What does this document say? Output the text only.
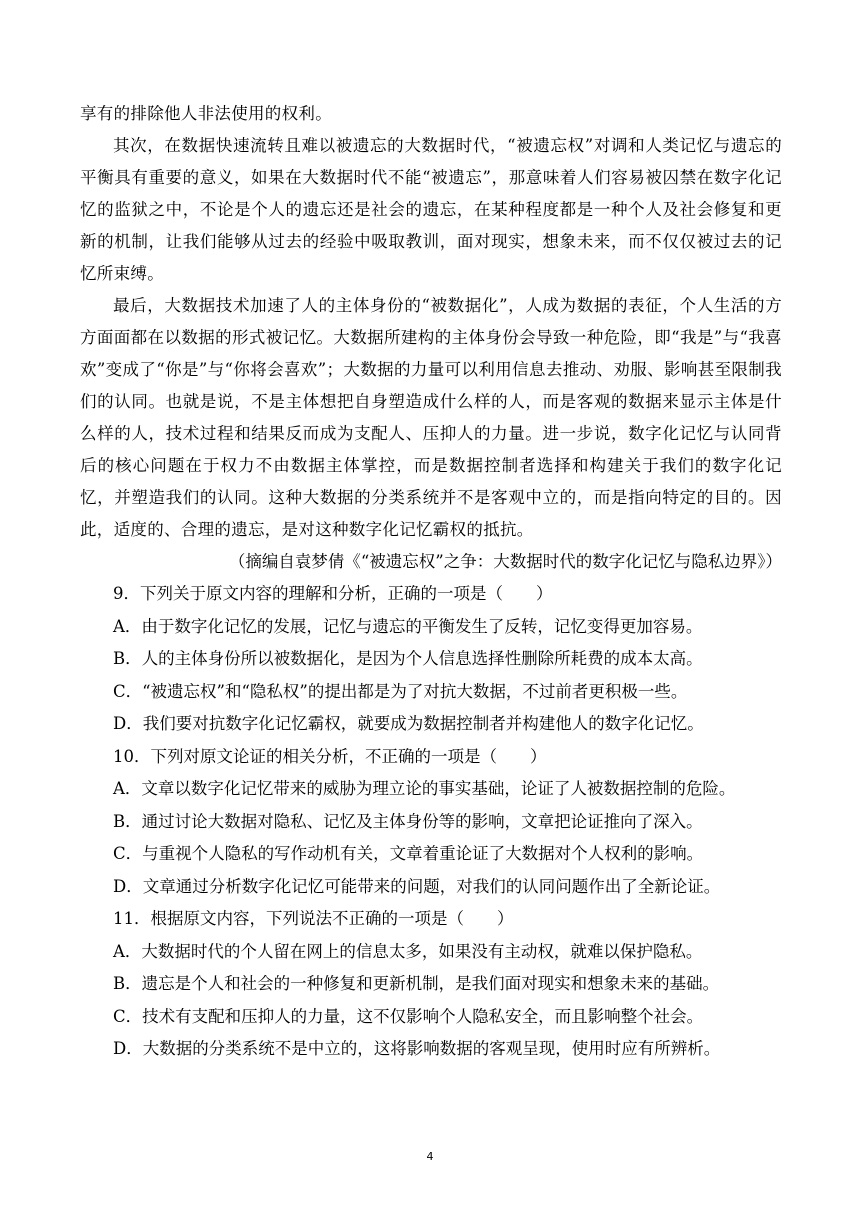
享有的排除他人非法使用的权利。

其次，在数据快速流转且难以被遗忘的大数据时代，“被遗忘权”对调和人类记忆与遗忘的平衡具有重要的意义，如果在大数据时代不能“被遗忘”，那意味着人们容易被囚禁在数字化记忆的监狱之中，不论是个人的遗忘还是社会的遗忘，在某种程度都是一种个人及社会修复和更新的机制，让我们能够从过去的经验中吸取教训，面对现实，想象未来，而不仅仅被过去的记忆所束缚。

最后，大数据技术加速了人的主体身份的“被数据化”，人成为数据的表征，个人生活的方方面面都在以数据的形式被记忆。大数据所建构的主体身份会导致一种危险，即“我是”与“我喜欢”变成了“你是”与“你将会喜欢”；大数据的力量可以利用信息去推动、劝服、影响甚至限制我们的认同。也就是说，不是主体想把自身塑造成什么样的人，而是客观的数据来显示主体是什么样的人，技术过程和结果反而成为支配人、压抑人的力量。进一步说，数字化记忆与认同背后的核心问题在于权力不由数据主体掌控，而是数据控制者选择和构建关于我们的数字化记忆，并塑造我们的认同。这种大数据的分类系统并不是客观中立的，而是指向特定的目的。因此，适度的、合理的遗忘，是对这种数字化记忆霸权的抵抗。

（摘编自袁梦倩《“被遗忘权”之争：大数据时代的数字化记忆与隐私边界》）

9．下列关于原文内容的理解和分析，正确的一项是（　　）

A．由于数字化记忆的发展，记忆与遗忘的平衡发生了反转，记忆变得更加容易。

B．人的主体身份所以被数据化，是因为个人信息选择性删除所耗费的成本太高。

C．“被遗忘权”和“隐私权”的提出都是为了对抗大数据，不过前者更积极一些。

D．我们要对抗数字化记忆霸权，就要成为数据控制者并构建他人的数字化记忆。

10．下列对原文论证的相关分析，不正确的一项是（　　）

A．文章以数字化记忆带来的威胁为理立论的事实基础，论证了人被数据控制的危险。

B．通过讨论大数据对隐私、记忆及主体身份等的影响，文章把论证推向了深入。

C．与重视个人隐私的写作动机有关，文章着重论证了大数据对个人权利的影响。

D．文章通过分析数字化记忆可能带来的问题，对我们的认同问题作出了全新论证。

11．根据原文内容，下列说法不正确的一项是（　　）

A．大数据时代的个人留在网上的信息太多，如果没有主动权，就难以保护隐私。

B．遗忘是个人和社会的一种修复和更新机制，是我们面对现实和想象未来的基础。

C．技术有支配和压抑人的力量，这不仅影响个人隐私安全，而且影响整个社会。

D．大数据的分类系统不是中立的，这将影响数据的客观呈现，使用时应有所辨析。

4
